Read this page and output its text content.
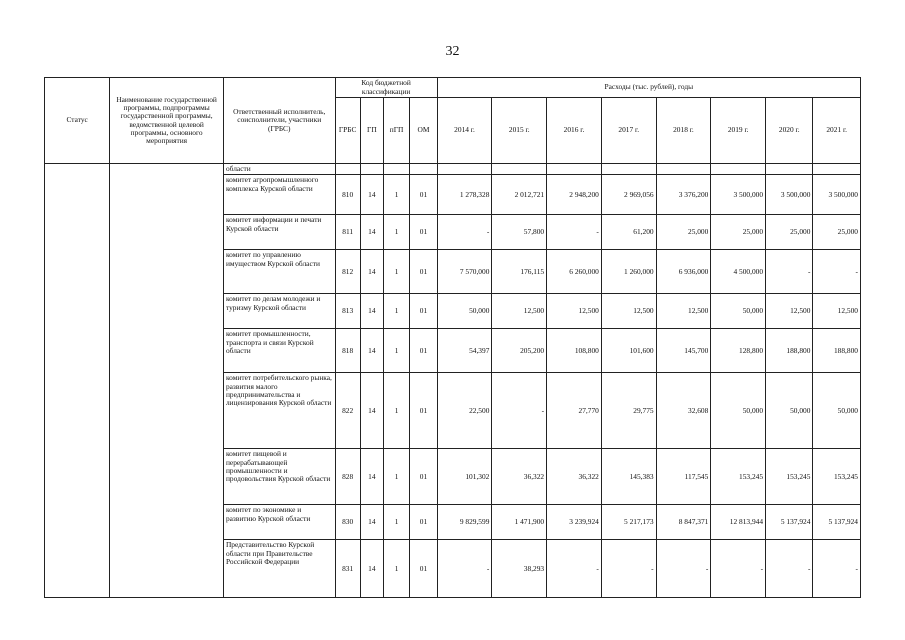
32
Статус	Наименование государственной программы, подпрограммы государственной программы, ведомственной целевой программы, основного мероприятия	Ответственный исполнитель, соисполнители, участники (ГРБС)	Код бюджетной классификации				Расходы (тыс. рублей), годы							
			ГРБС	ГП	пГП	ОМ	2014 г.	2015 г.	2016 г.	2017 г.	2018 г.	2019 г.	2020 г.	2021 г.
		области												
		комитет агропромышленного комплекса Курской области	810	14	1	01	1 278,328	2 012,721	2 948,200	2 969,056	3 376,200	3 500,000	3 500,000	3 500,000
		комитет информации и печати Курской области	811	14	1	01	-	57,800	-	61,200	25,000	25,000	25,000	25,000
		комитет по управлению имуществом Курской области	812	14	1	01	7 570,000	176,115	6 260,000	1 260,000	6 936,000	4 500,000	-	-
		комитет по делам молодежи и туризму Курской области	813	14	1	01	50,000	12,500	12,500	12,500	12,500	50,000	12,500	12,500
		комитет промышленности, транспорта и связи Курской области	818	14	1	01	54,397	205,200	108,800	101,600	145,700	128,800	188,800	188,800
		комитет потребительского рынка, развития малого предпринимательства и лицензирования Курской области	822	14	1	01	22,500	-	27,770	29,775	32,608	50,000	50,000	50,000
		комитет пищевой и перерабатывающей промышленности и продовольствия Курской области	828	14	1	01	101,302	36,322	36,322	145,383	117,545	153,245	153,245	153,245
		комитет по экономике и развитию Курской области	830	14	1	01	9 829,599	1 471,900	3 239,924	5 217,173	8 847,371	12 813,944	5 137,924	5 137,924
		Представительство Курской области при Правительстве Российской Федерации	831	14	1	01	-	38,293	-	-	-	-	-	-
